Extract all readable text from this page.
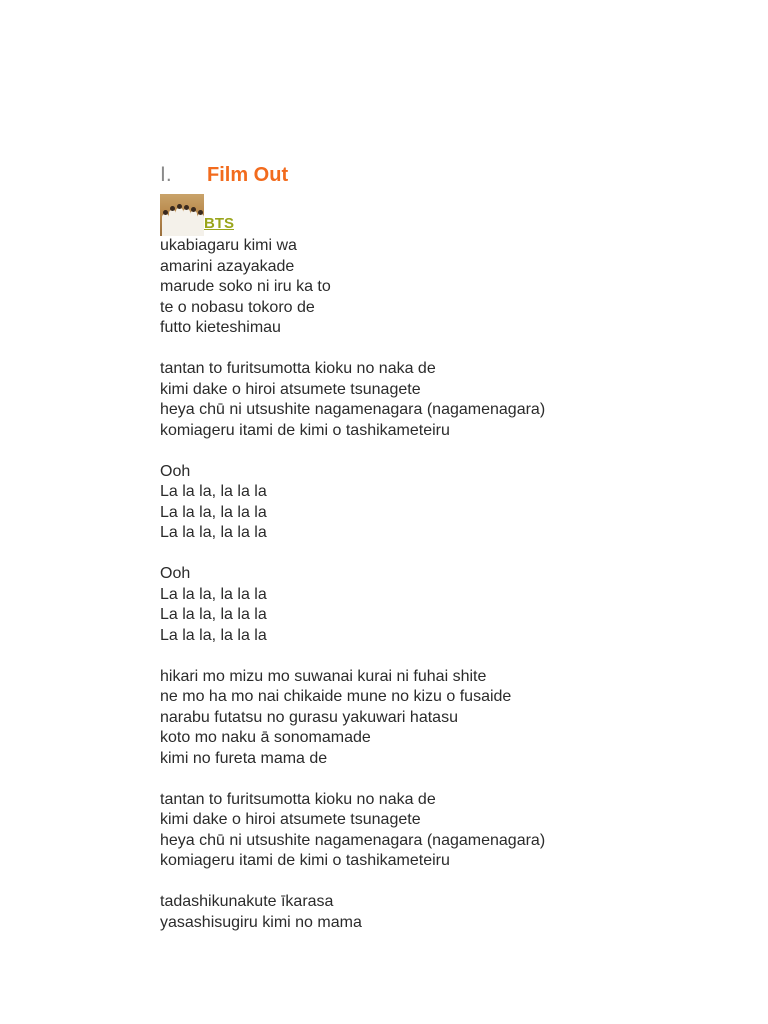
I.	Film Out
BTS
ukabiagaru kimi wa
amarini azayakade
marude soko ni iru ka to
te o nobasu tokoro de
futto kieteshimau
tantan to furitsumotta kioku no naka de
kimi dake o hiroi atsumete tsunagete
heya chū ni utsushite nagamenagara (nagamenagara)
komiageru itami de kimi o tashikameteiru
Ooh
La la la, la la la
La la la, la la la
La la la, la la la
Ooh
La la la, la la la
La la la, la la la
La la la, la la la
hikari mo mizu mo suwanai kurai ni fuhai shite
ne mo ha mo nai chikaide mune no kizu o fusaide
narabu futatsu no gurasu yakuwari hatasu
koto mo naku ā sonomamade
kimi no fureta mama de
tantan to furitsumotta kioku no naka de
kimi dake o hiroi atsumete tsunagete
heya chū ni utsushite nagamenagara (nagamenagara)
komiageru itami de kimi o tashikameteiru
tadashikunakute īkarasa
yasashisugiru kimi no mama
